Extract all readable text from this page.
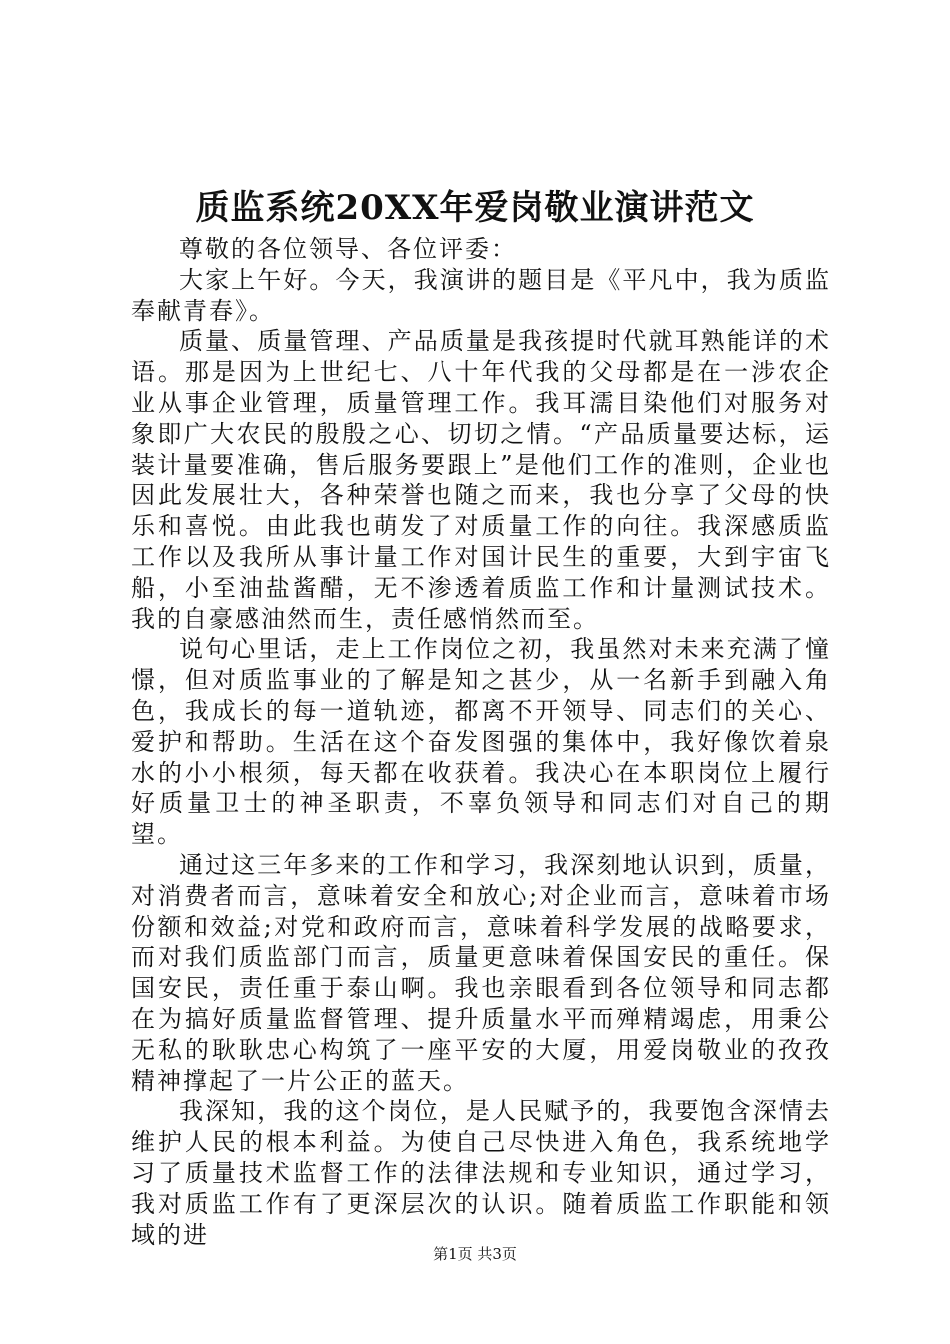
质监系统20XX年爱岗敬业演讲范文

尊敬的各位领导、各位评委：

大家上午好。今天，我演讲的题目是《平凡中，我为质监奉献青春》。

质量、质量管理、产品质量是我孩提时代就耳熟能详的术语。那是因为上世纪七、八十年代我的父母都是在一涉农企业从事企业管理，质量管理工作。我耳濡目染他们对服务对象即广大农民的殷殷之心、切切之情。“产品质量要达标，运装计量要准确，售后服务要跟上”是他们工作的准则，企业也因此发展壮大，各种荣誉也随之而来，我也分享了父母的快乐和喜悦。由此我也萌发了对质量工作的向往。我深感质监工作以及我所从事计量工作对国计民生的重要，大到宇宙飞船，小至油盐酱醋，无不渗透着质监工作和计量测试技术。我的自豪感油然而生，责任感悄然而至。

说句心里话，走上工作岗位之初，我虽然对未来充满了憧憬，但对质监事业的了解是知之甚少，从一名新手到融入角色，我成长的每一道轨迹，都离不开领导、同志们的关心、爱护和帮助。生活在这个奋发图强的集体中，我好像饮着泉水的小小根须，每天都在收获着。我决心在本职岗位上履行好质量卫士的神圣职责，不辜负领导和同志们对自己的期望。

通过这三年多来的工作和学习，我深刻地认识到，质量，对消费者而言，意味着安全和放心;对企业而言，意味着市场份额和效益;对党和政府而言，意味着科学发展的战略要求，而对我们质监部门而言，质量更意味着保国安民的重任。保国安民，责任重于泰山啊。我也亲眼看到各位领导和同志都在为搞好质量监督管理、提升质量水平而殚精竭虑，用秉公无私的耿耿忠心构筑了一座平安的大厦，用爱岗敬业的孜孜精神撑起了一片公正的蓝天。

我深知，我的这个岗位，是人民赋予的，我要饱含深情去维护人民的根本利益。为使自己尽快进入角色，我系统地学习了质量技术监督工作的法律法规和专业知识，通过学习，我对质监工作有了更深层次的认识。随着质监工作职能和领域的进

第1页 共3页
